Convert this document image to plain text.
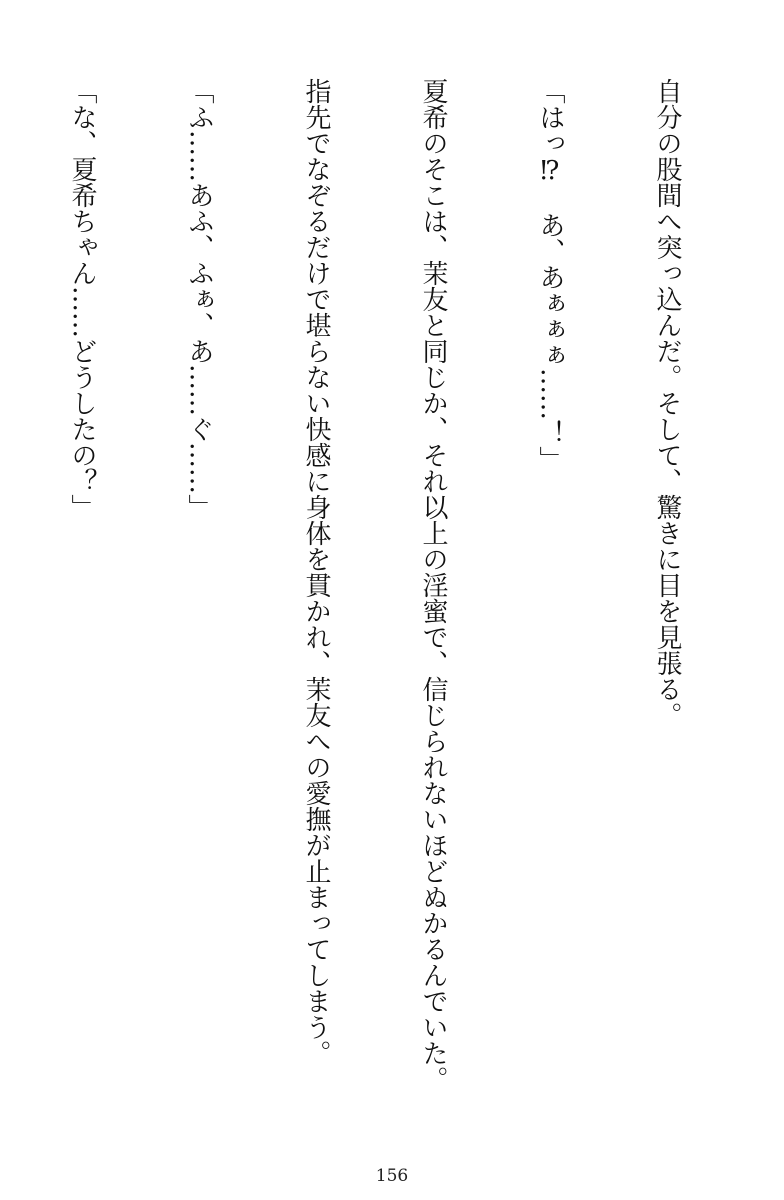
自分の股間へ突っ込んだ。そして、驚きに目を見張る。

「はっ⁉　あ、あぁぁぁ……！」

夏希のそこは、茉友と同じか、それ以上の淫蜜で、信じられないほどぬかるんでいた。

指先でなぞるだけで堪らない快感に身体を貫かれ、茉友への愛撫が止まってしまう。

「ふ……あふ、ふぁ、あ……ぐ……」

「な、夏希ちゃん……どうしたの？」

156
